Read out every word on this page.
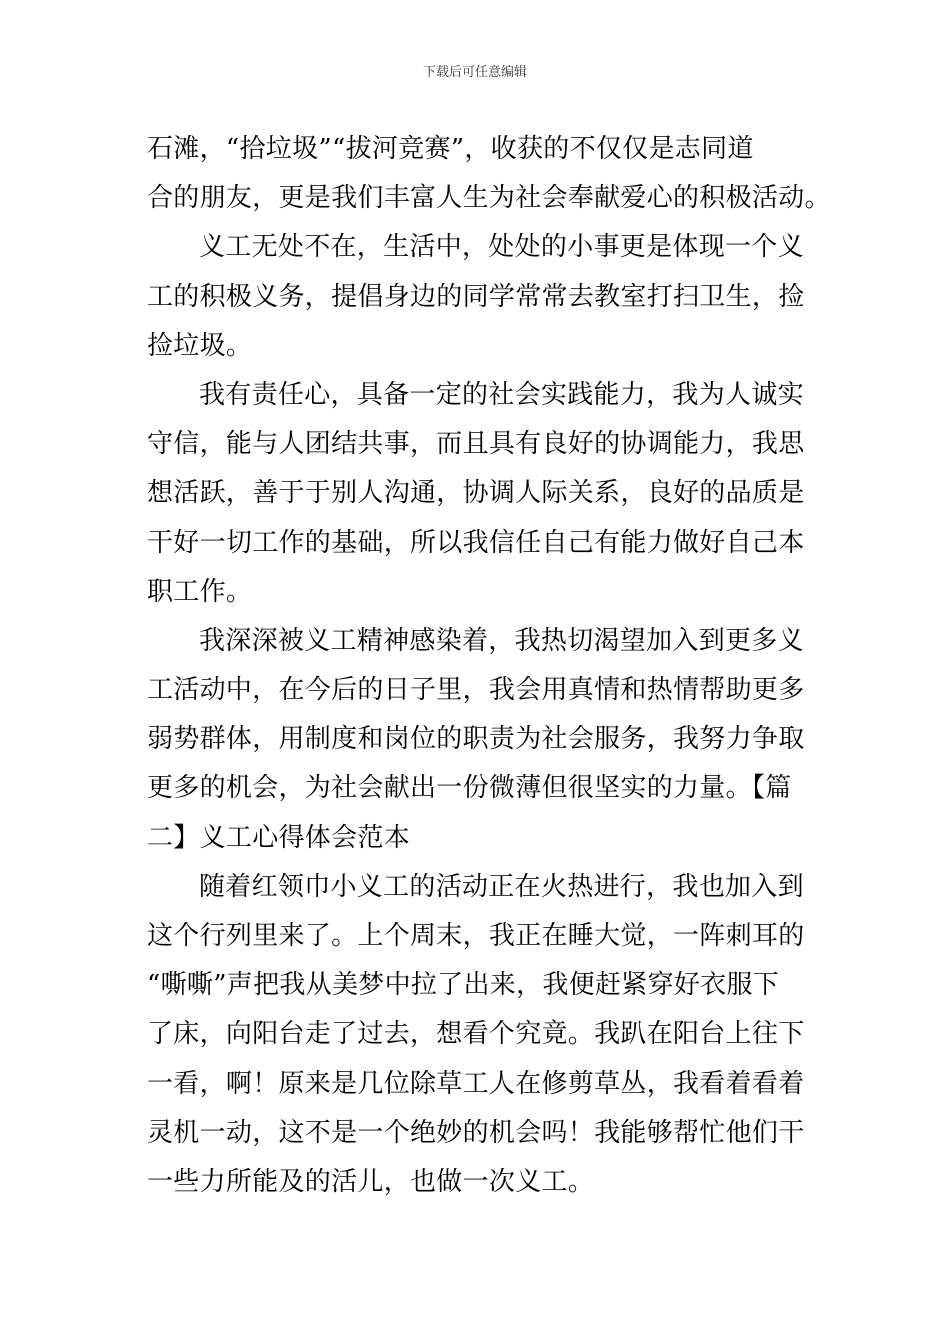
下载后可任意编辑
石滩，“拾垃圾”“拔河竞赛”，收获的不仅仅是志同道
合的朋友，更是我们丰富人生为社会奉献爱心的积极活动。
义工无处不在，生活中，处处的小事更是体现一个义
工的积极义务，提倡身边的同学常常去教室打扫卫生，捡
捡垃圾。
我有责任心，具备一定的社会实践能力，我为人诚实
守信，能与人团结共事，而且具有良好的协调能力，我思
想活跃，善于于别人沟通，协调人际关系，良好的品质是
干好一切工作的基础，所以我信任自己有能力做好自己本
职工作。
我深深被义工精神感染着，我热切渴望加入到更多义
工活动中，在今后的日子里，我会用真情和热情帮助更多
弱势群体，用制度和岗位的职责为社会服务，我努力争取
更多的机会，为社会献出一份微薄但很坚实的力量。【篇
二】义工心得体会范本
随着红领巾小义工的活动正在火热进行，我也加入到
这个行列里来了。上个周末，我正在睡大觉，一阵刺耳的
“嘶嘶”声把我从美梦中拉了出来，我便赶紧穿好衣服下
了床，向阳台走了过去，想看个究竟。我趴在阳台上往下
一看，啊！原来是几位除草工人在修剪草丛，我看着看着
灵机一动，这不是一个绝妙的机会吗！我能够帮忙他们干
一些力所能及的活儿，也做一次义工。
